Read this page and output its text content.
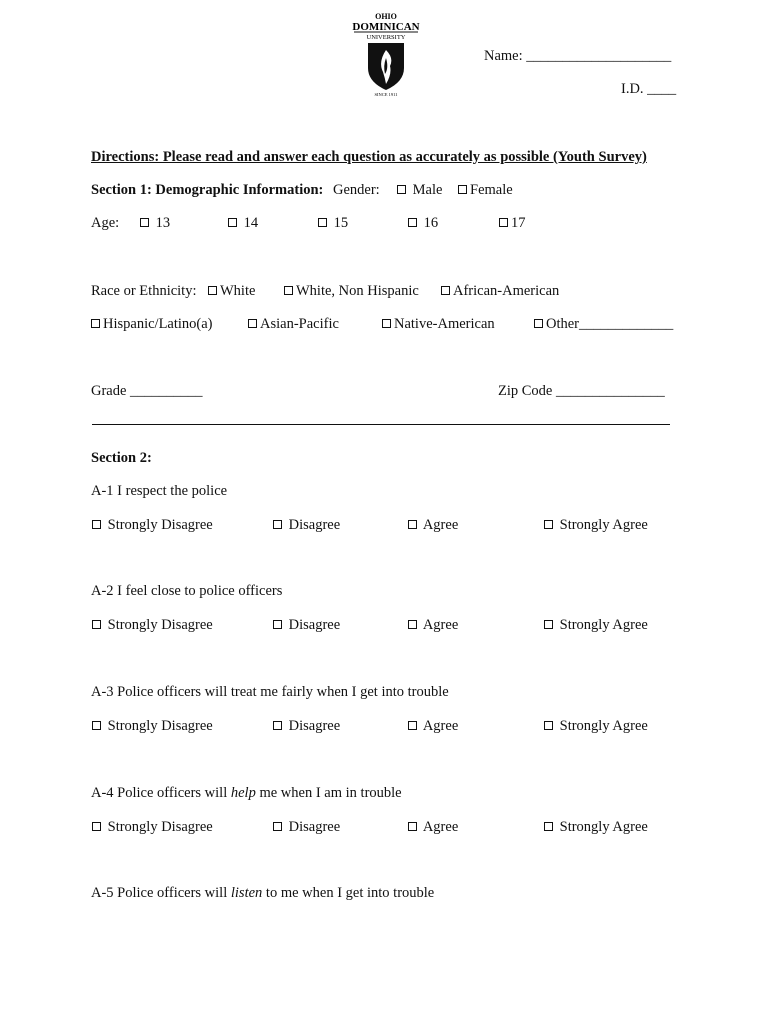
OHIO
DOMINICAN
UNIVERSITY
SINCE 1911
Name: ____________________
I.D. ____
Directions: Please read and answer each question as accurately as possible (Youth Survey)
Section 1: Demographic Information: Gender:	Male	Female
Age:	13	14	15	16	17
Race or Ethnicity:	White	White, Non Hispanic	African-American
Hispanic/Latino(a)	Asian-Pacific	Native-American	Other_____________
Grade __________	Zip Code _______________
Section 2:
A-1 I respect the police
Strongly Disagree	Disagree	Agree	Strongly Agree
A-2 I feel close to police officers
Strongly Disagree	Disagree	Agree	Strongly Agree
A-3 Police officers will treat me fairly when I get into trouble
Strongly Disagree	Disagree	Agree	Strongly Agree
A-4 Police officers will help me when I am in trouble
Strongly Disagree	Disagree	Agree	Strongly Agree
A-5 Police officers will listen to me when I get into trouble
